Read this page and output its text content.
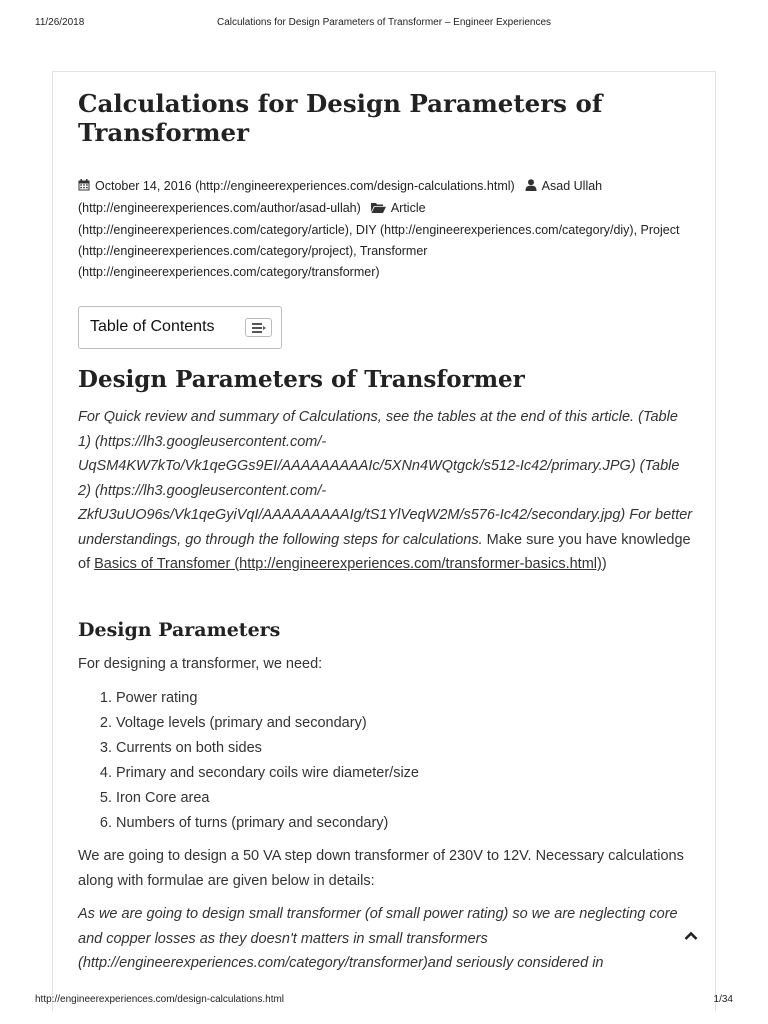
11/26/2018	Calculations for Design Parameters of Transformer – Engineer Experiences
Calculations for Design Parameters of Transformer
October 14, 2016 (http://engineerexperiences.com/design-calculations.html) Asad Ullah (http://engineerexperiences.com/author/asad-ullah) Article (http://engineerexperiences.com/category/article), DIY (http://engineerexperiences.com/category/diy), Project (http://engineerexperiences.com/category/project), Transformer (http://engineerexperiences.com/category/transformer)
Table of Contents
Design Parameters of Transformer
For Quick review and summary of Calculations, see the tables at the end of this article. (Table 1) (https://lh3.googleusercontent.com/-UqSM4KW7kTo/Vk1qeGGs9EI/AAAAAAAAAIc/5XNn4WQtgck/s512-Ic42/primary.JPG) (Table 2) (https://lh3.googleusercontent.com/-ZkfU3uUO96s/Vk1qeGyiVqI/AAAAAAAAAIg/tS1YlVeqW2M/s576-Ic42/secondary.jpg) For better understandings, go through the following steps for calculations. Make sure you have knowledge of Basics of Transfomer (http://engineerexperiences.com/transformer-basics.html))
Design Parameters
For designing a transformer, we need:
1. Power rating
2. Voltage levels (primary and secondary)
3. Currents on both sides
4. Primary and secondary coils wire diameter/size
5. Iron Core area
6. Numbers of turns (primary and secondary)
We are going to design a 50 VA step down transformer of 230V to 12V. Necessary calculations along with formulae are given below in details:
As we are going to design small transformer (of small power rating) so we are neglecting core and copper losses as they doesn't matters in small transformers (http://engineerexperiences.com/category/transformer)and seriously considered in
http://engineerexperiences.com/design-calculations.html	1/34
